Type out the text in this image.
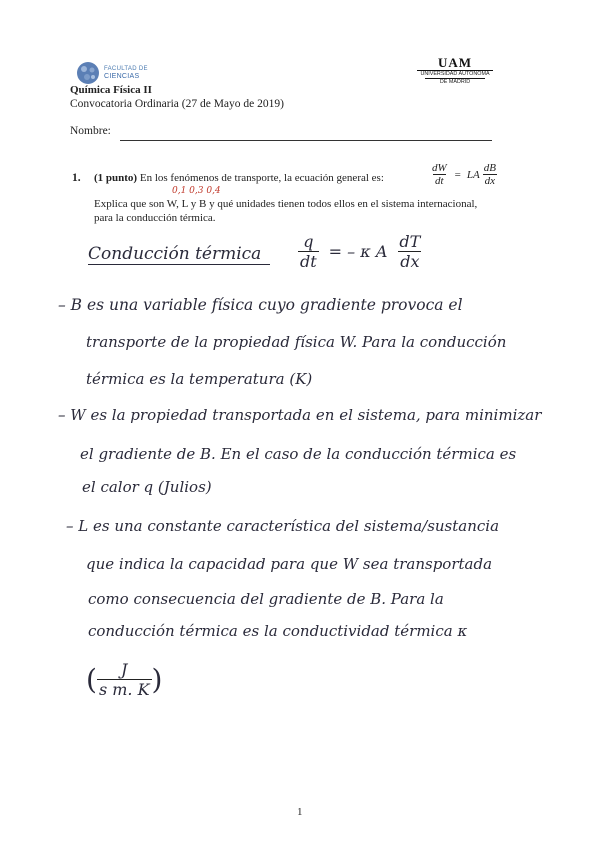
FACULTAD DE
CIENCIAS
UAM
UNIVERSIDAD AUTONOMA
DE MADRID
Química Física II
Convocatoria Ordinaria (27 de Mayo de 2019)
Nombre:
1. (1 punto) En los fenómenos de transporte, la ecuación general es:	$\frac{dW}{dt}$ = LA $\frac{dB}{dx}$
0,1 0,3 0,4
Explica que son W, L y B y qué unidades tienen todos ellos en el sistema internacional,
para la conducción térmica.
Conducción térmica	$\frac{q}{dt}$ = – κ A $\frac{dT}{dx}$
– B es una variable física cuyo gradiente provoca el
transporte de la propiedad física W. Para la conducción
térmica es la temperatura (K)
– W es la propiedad transportada en el sistema, para minimizar
el gradiente de B. En el caso de la conducción térmica es
el calor q (Julios)
– L es una constante característica del sistema/sustancia
que indica la capacidad para que W sea transportada
como consecuencia del gradiente de B. Para la
conducción térmica es la conductividad térmica κ
( $\frac{J}{\text{s m. K}}$ )
1
